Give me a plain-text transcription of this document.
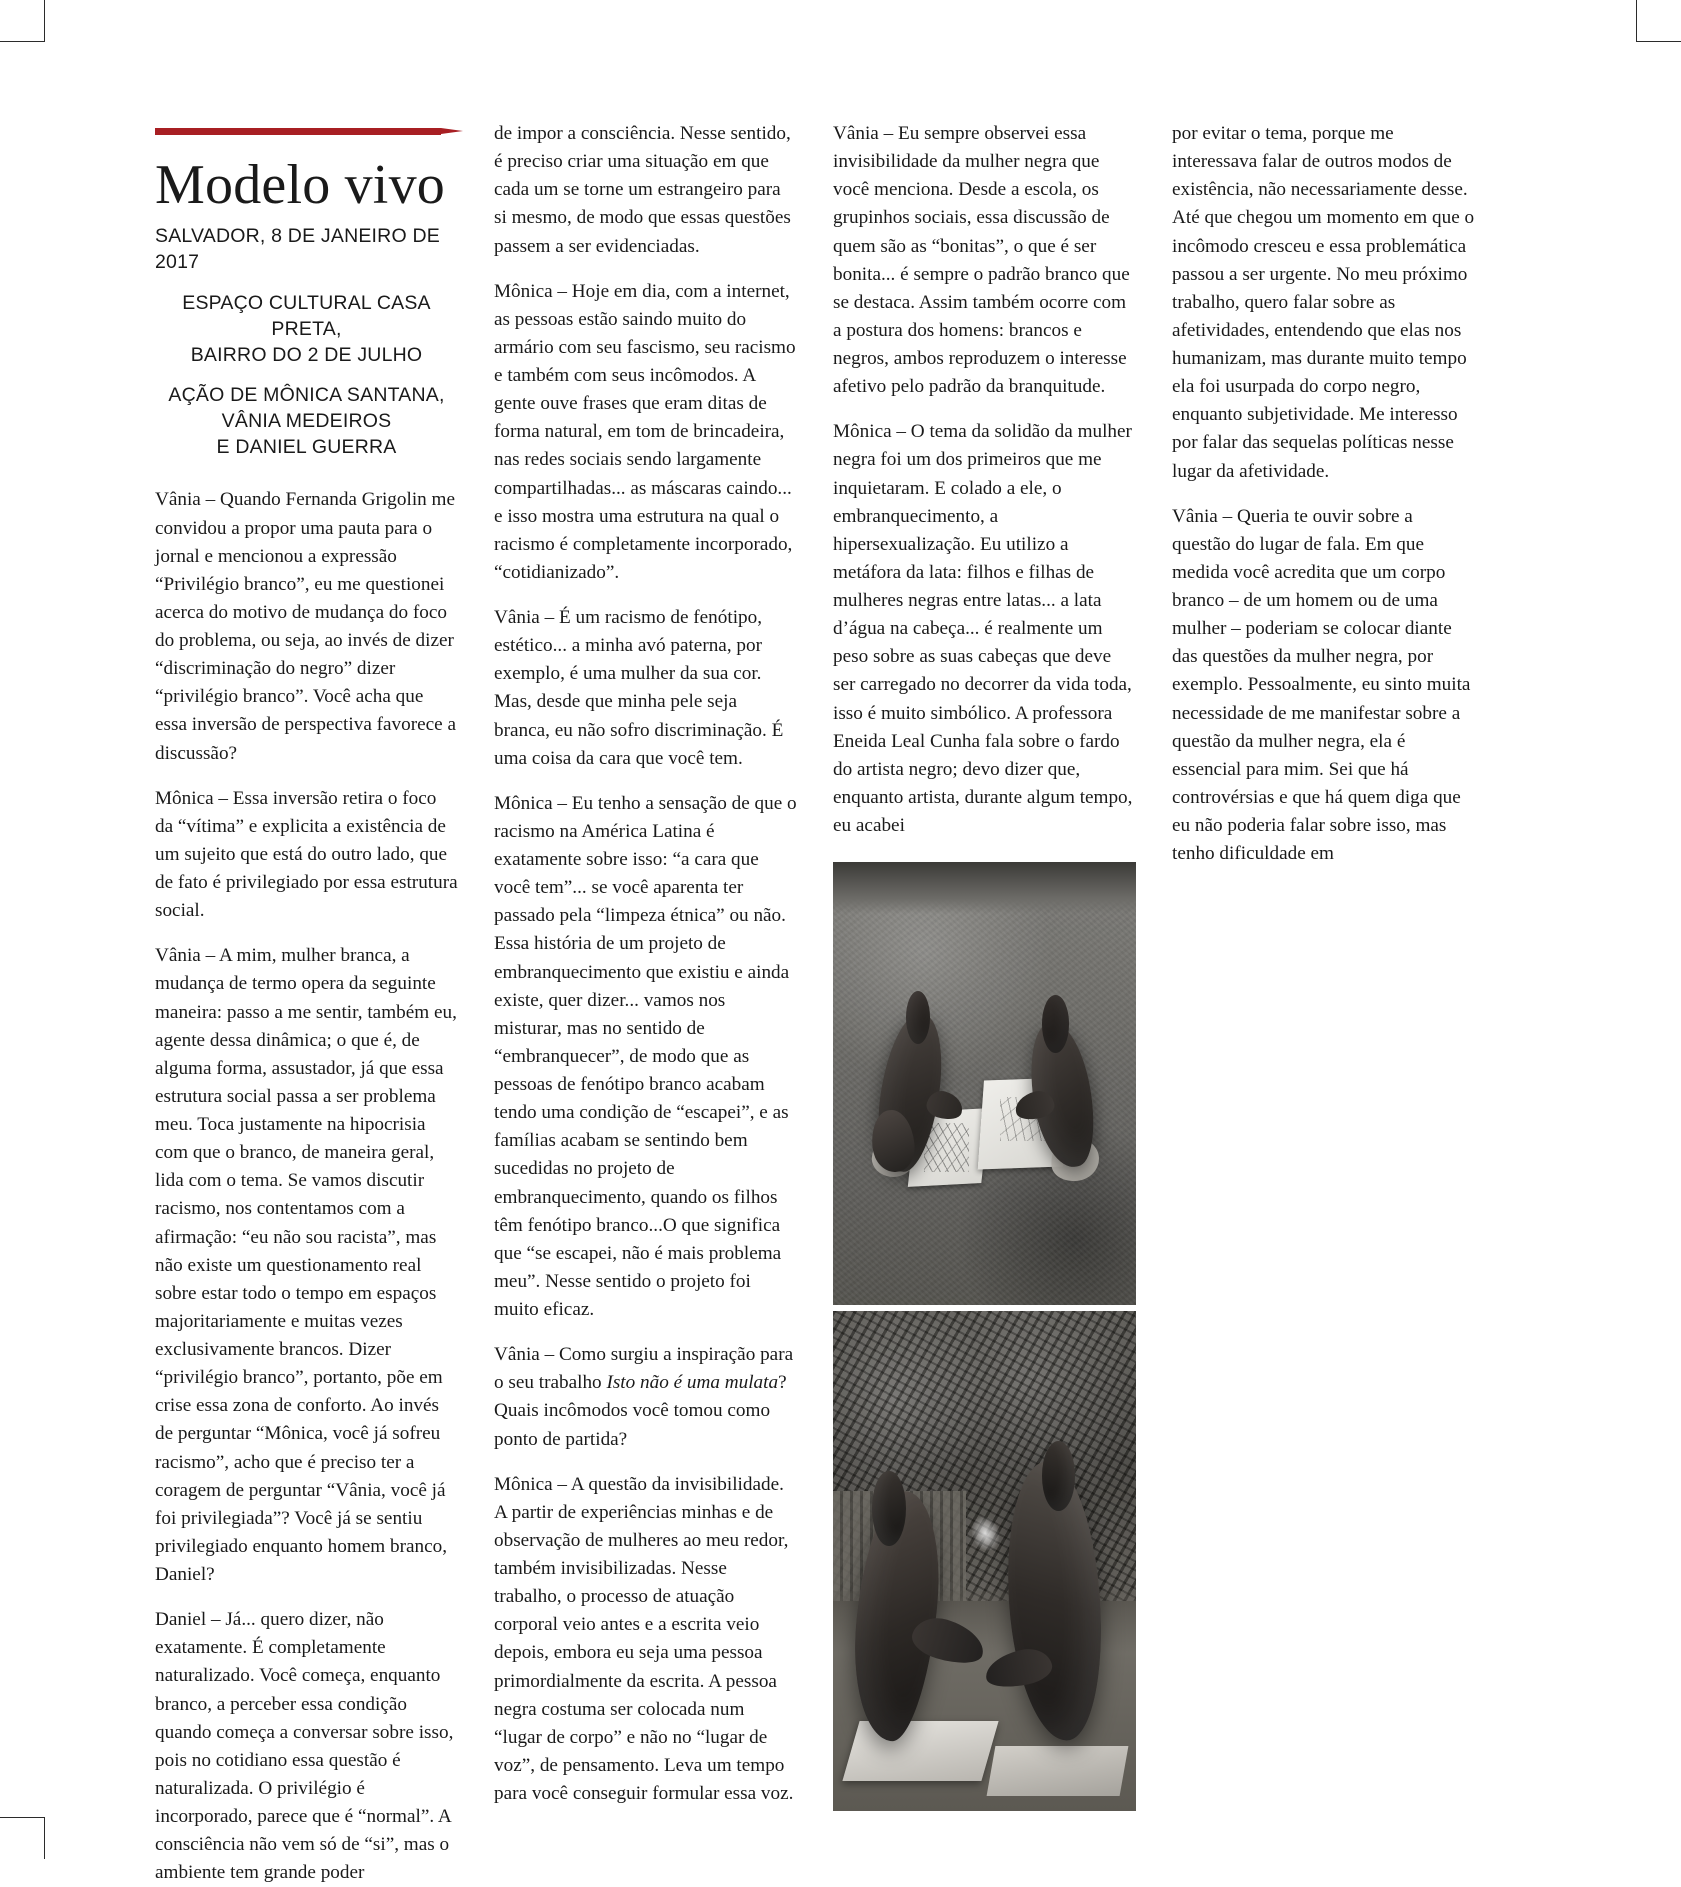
Modelo vivo
SALVADOR, 8 DE JANEIRO DE 2017
ESPAÇO CULTURAL CASA PRETA,
BAIRRO DO 2 DE JULHO
AÇÃO DE MÔNICA SANTANA,
VÂNIA MEDEIROS
E DANIEL GUERRA

Vânia – Quando Fernanda Grigolin me convidou a propor uma pauta para o jornal e mencionou a expressão “Privilégio branco”, eu me questionei acerca do motivo de mudança do foco do problema, ou seja, ao invés de dizer “discriminação do negro” dizer “privilégio branco”. Você acha que essa inversão de perspectiva favorece a discussão?

Mônica – Essa inversão retira o foco da “vítima” e explicita a existência de um sujeito que está do outro lado, que de fato é privilegiado por essa estrutura social.

Vânia – A mim, mulher branca, a mudança de termo opera da seguinte maneira: passo a me sentir, também eu, agente dessa dinâmica; o que é, de alguma forma, assustador, já que essa estrutura social passa a ser problema meu. Toca justamente na hipocrisia com que o branco, de maneira geral, lida com o tema. Se vamos discutir racismo, nos contentamos com a afirmação: “eu não sou racista”, mas não existe um questionamento real sobre estar todo o tempo em espaços majoritariamente e muitas vezes exclusivamente brancos. Dizer “privilégio branco”, portanto, põe em crise essa zona de conforto. Ao invés de perguntar “Mônica, você já sofreu racismo”, acho que é preciso ter a coragem de perguntar “Vânia, você já foi privilegiada”? Você já se sentiu privilegiado enquanto homem branco, Daniel?

Daniel – Já... quero dizer, não exatamente. É completamente naturalizado. Você começa, enquanto branco, a perceber essa condição quando começa a conversar sobre isso, pois no cotidiano essa questão é naturalizada. O privilégio é incorporado, parece que é “normal”. A consciência não vem só de “si”, mas o ambiente tem grande poder

de impor a consciência. Nesse sentido, é preciso criar uma situação em que cada um se torne um estrangeiro para si mesmo, de modo que essas questões passem a ser evidenciadas.

Mônica – Hoje em dia, com a internet, as pessoas estão saindo muito do armário com seu fascismo, seu racismo e também com seus incômodos. A gente ouve frases que eram ditas de forma natural, em tom de brincadeira, nas redes sociais sendo largamente compartilhadas... as máscaras caindo... e isso mostra uma estrutura na qual o racismo é completamente incorporado, “cotidianizado”.

Vânia – É um racismo de fenótipo, estético... a minha avó paterna, por exemplo, é uma mulher da sua cor. Mas, desde que minha pele seja branca, eu não sofro discriminação. É uma coisa da cara que você tem.

Mônica – Eu tenho a sensação de que o racismo na América Latina é exatamente sobre isso: “a cara que você tem”... se você aparenta ter passado pela “limpeza étnica” ou não. Essa história de um projeto de embranquecimento que existiu e ainda existe, quer dizer... vamos nos misturar, mas no sentido de “embranquecer”, de modo que as pessoas de fenótipo branco acabam tendo uma condição de “escapei”, e as famílias acabam se sentindo bem sucedidas no projeto de embranquecimento, quando os filhos têm fenótipo branco...O que significa que “se escapei, não é mais problema meu”. Nesse sentido o projeto foi muito eficaz.

Vânia – Como surgiu a inspiração para o seu trabalho Isto não é uma mulata? Quais incômodos você tomou como ponto de partida?

Mônica – A questão da invisibilidade. A partir de experiências minhas e de observação de mulheres ao meu redor, também invisibilizadas. Nesse trabalho, o processo de atuação corporal veio antes e a escrita veio depois, embora eu seja uma pessoa primordialmente da escrita. A pessoa negra costuma ser colocada num “lugar de corpo” e não no “lugar de voz”, de pensamento. Leva um tempo para você conseguir formular essa voz.

Vânia – Eu sempre observei essa invisibilidade da mulher negra que você menciona. Desde a escola, os grupinhos sociais, essa discussão de quem são as “bonitas”, o que é ser bonita... é sempre o padrão branco que se destaca. Assim também ocorre com a postura dos homens: brancos e negros, ambos reproduzem o interesse afetivo pelo padrão da branquitude.

Mônica – O tema da solidão da mulher negra foi um dos primeiros que me inquietaram. E colado a ele, o embranquecimento, a hipersexualização. Eu utilizo a metáfora da lata: filhos e filhas de mulheres negras entre latas... a lata d’água na cabeça... é realmente um peso sobre as suas cabeças que deve ser carregado no decorrer da vida toda, isso é muito simbólico. A professora Eneida Leal Cunha fala sobre o fardo do artista negro; devo dizer que, enquanto artista, durante algum tempo, eu acabei

por evitar o tema, porque me interessava falar de outros modos de existência, não necessariamente desse. Até que chegou um momento em que o incômodo cresceu e essa problemática passou a ser urgente. No meu próximo trabalho, quero falar sobre as afetividades, entendendo que elas nos humanizam, mas durante muito tempo ela foi usurpada do corpo negro, enquanto subjetividade. Me interesso por falar das sequelas políticas nesse lugar da afetividade.

Vânia – Queria te ouvir sobre a questão do lugar de fala. Em que medida você acredita que um corpo branco – de um homem ou de uma mulher – poderiam se colocar diante das questões da mulher negra, por exemplo. Pessoalmente, eu sinto muita necessidade de me manifestar sobre a questão da mulher negra, ela é essencial para mim. Sei que há controvérsias e que há quem diga que eu não poderia falar sobre isso, mas tenho dificuldade em
